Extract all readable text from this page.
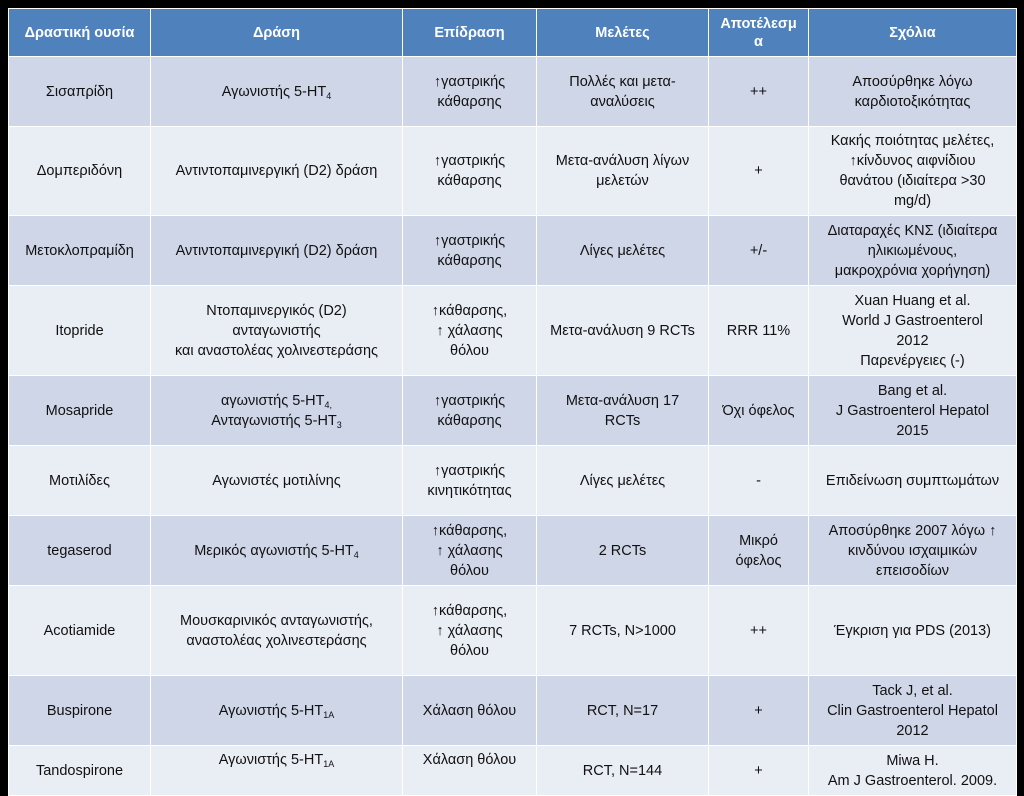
Δραστική ουσία	Δράση	Επίδραση	Μελέτες	Αποτέλεσμ
α	Σχόλια
Σισαπρίδη	Αγωνιστής $5-HT_4$	↑γαστρικής
κάθαρσης	Πολλές και μετα-
αναλύσεις	++	Αποσύρθηκε λόγω
καρδιοτοξικότητας
Δομπεριδόνη	Αντιντοπαμινεργική (D2) δράση	↑γαστρικής
κάθαρσης	Μετα-ανάλυση λίγων
μελετών	+	Κακής ποιότητας μελέτες,
↑κίνδυνος αιφνίδιου
θανάτου (ιδιαίτερα >30
mg/d)
Μετοκλοπραμίδη	Αντιντοπαμινεργική (D2) δράση	↑γαστρικής
κάθαρσης	Λίγες μελέτες	+/-	Διαταραχές ΚΝΣ (ιδιαίτερα
ηλικιωμένους,
μακροχρόνια χορήγηση)
Itopride	Ντοπαμινεργικός (D2)
ανταγωνιστής
και αναστολέας χολινεστεράσης	↑κάθαρσης,
↑ χάλασης
θόλου	Μετα-ανάλυση 9 RCTs	RRR 11%	Xuan Huang et al.
World J Gastroenterol
2012
Παρενέργειες (-)
Mosapride	αγωνιστής $5-HT_{4,}$
Ανταγωνιστής $5-HT_3$	↑γαστρικής
κάθαρσης	Μετα-ανάλυση 17
RCTs	Όχι όφελος	Bang et al.
J Gastroenterol Hepatol
2015
Μοτιλίδες	Αγωνιστές μοτιλίνης	↑γαστρικής
κινητικότητας	Λίγες μελέτες	-	Επιδείνωση συμπτωμάτων
tegaserod	Μερικός αγωνιστής $5-HT_4$	↑κάθαρσης,
↑ χάλασης
θόλου	2 RCTs	Μικρό
όφελος	Αποσύρθηκε 2007 λόγω ↑
κινδύνου ισχαιμικών
επεισοδίων
Acotiamide	Μουσκαρινικός ανταγωνιστής,
αναστολέας χολινεστεράσης	↑κάθαρσης,
↑ χάλασης
θόλου	7 RCTs, N>1000	++	Έγκριση για PDS (2013)
Buspirone	Αγωνιστής $5-HT_{1A}$	Χάλαση θόλου	RCT, N=17	+	Tack J, et al.
Clin Gastroenterol Hepatol
2012
Tandospirone	Αγωνιστής $5-HT_{1A}$	Χάλαση θόλου	RCT, N=144	+	Miwa H.
Am J Gastroenterol. 2009.
